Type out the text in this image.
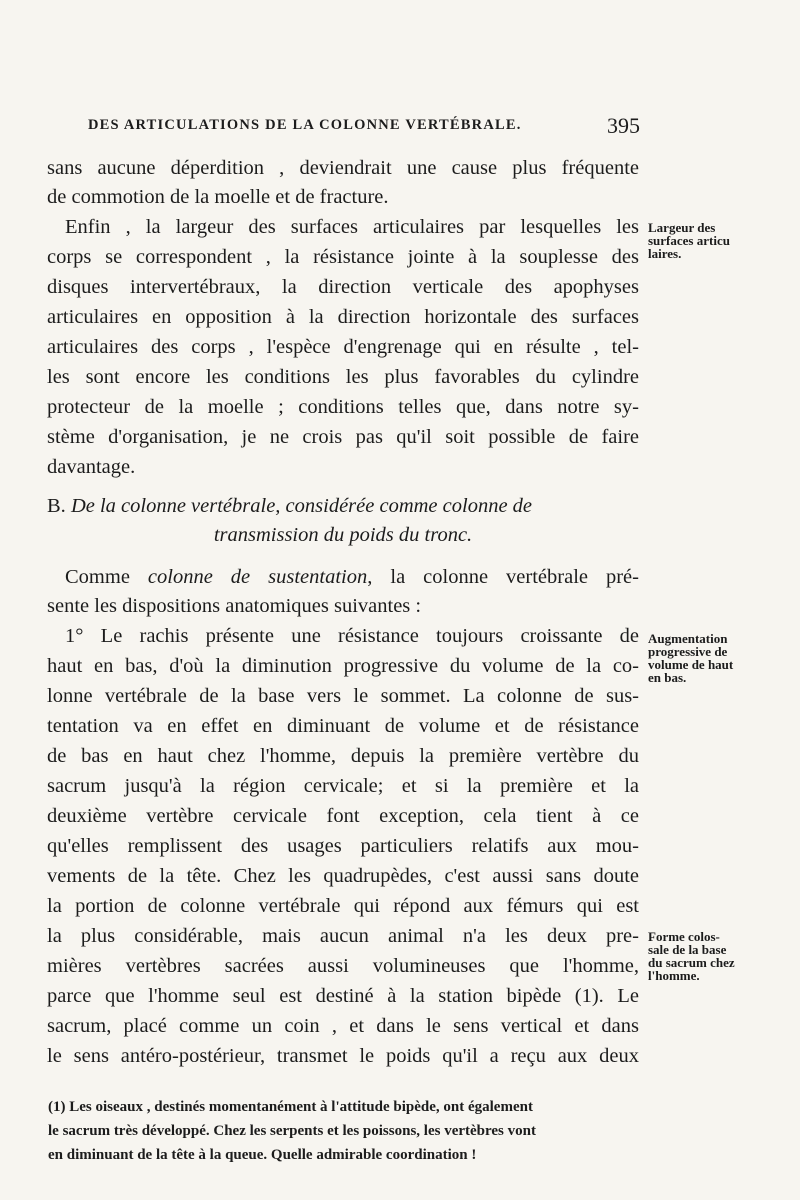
DES ARTICULATIONS DE LA COLONNE VERTÉBRALE.	395
sans aucune déperdition , deviendrait une cause plus fréquente
de commotion de la moelle et de fracture.
Enfin , la largeur des surfaces articulaires par lesquelles les
corps se correspondent , la résistance jointe à la souplesse des
disques intervertébraux, la direction verticale des apophyses
articulaires en opposition à la direction horizontale des surfaces
articulaires des corps , l'espèce d'engrenage qui en résulte , tel-
les sont encore les conditions les plus favorables du cylindre
protecteur de la moelle ; conditions telles que, dans notre sy-
stème d'organisation, je ne crois pas qu'il soit possible de faire
davantage.
Largeur des
surfaces articu
laires.
B. De la colonne vertébrale, considérée comme colonne de
transmission du poids du tronc.
Comme colonne de sustentation, la colonne vertébrale pré-
sente les dispositions anatomiques suivantes :
1° Le rachis présente une résistance toujours croissante de
haut en bas, d'où la diminution progressive du volume de la co-
lonne vertébrale de la base vers le sommet. La colonne de sus-
tentation va en effet en diminuant de volume et de résistance
de bas en haut chez l'homme, depuis la première vertèbre du
sacrum jusqu'à la région cervicale; et si la première et la
deuxième vertèbre cervicale font exception, cela tient à ce
qu'elles remplissent des usages particuliers relatifs aux mou-
vements de la tête. Chez les quadrupèdes, c'est aussi sans doute
la portion de colonne vertébrale qui répond aux fémurs qui est
la plus considérable, mais aucun animal n'a les deux pre-
mières vertèbres sacrées aussi volumineuses que l'homme,
parce que l'homme seul est destiné à la station bipède (1). Le
sacrum, placé comme un coin , et dans le sens vertical et dans
le sens antéro-postérieur, transmet le poids qu'il a reçu aux deux
Augmentation
progressive de
volume de haut
en bas.
Forme colos-
sale de la base
du sacrum chez
l'homme.
(1) Les oiseaux , destinés momentanément à l'attitude bipède, ont également
le sacrum très développé. Chez les serpents et les poissons, les vertèbres vont
en diminuant de la tête à la queue. Quelle admirable coordination !
